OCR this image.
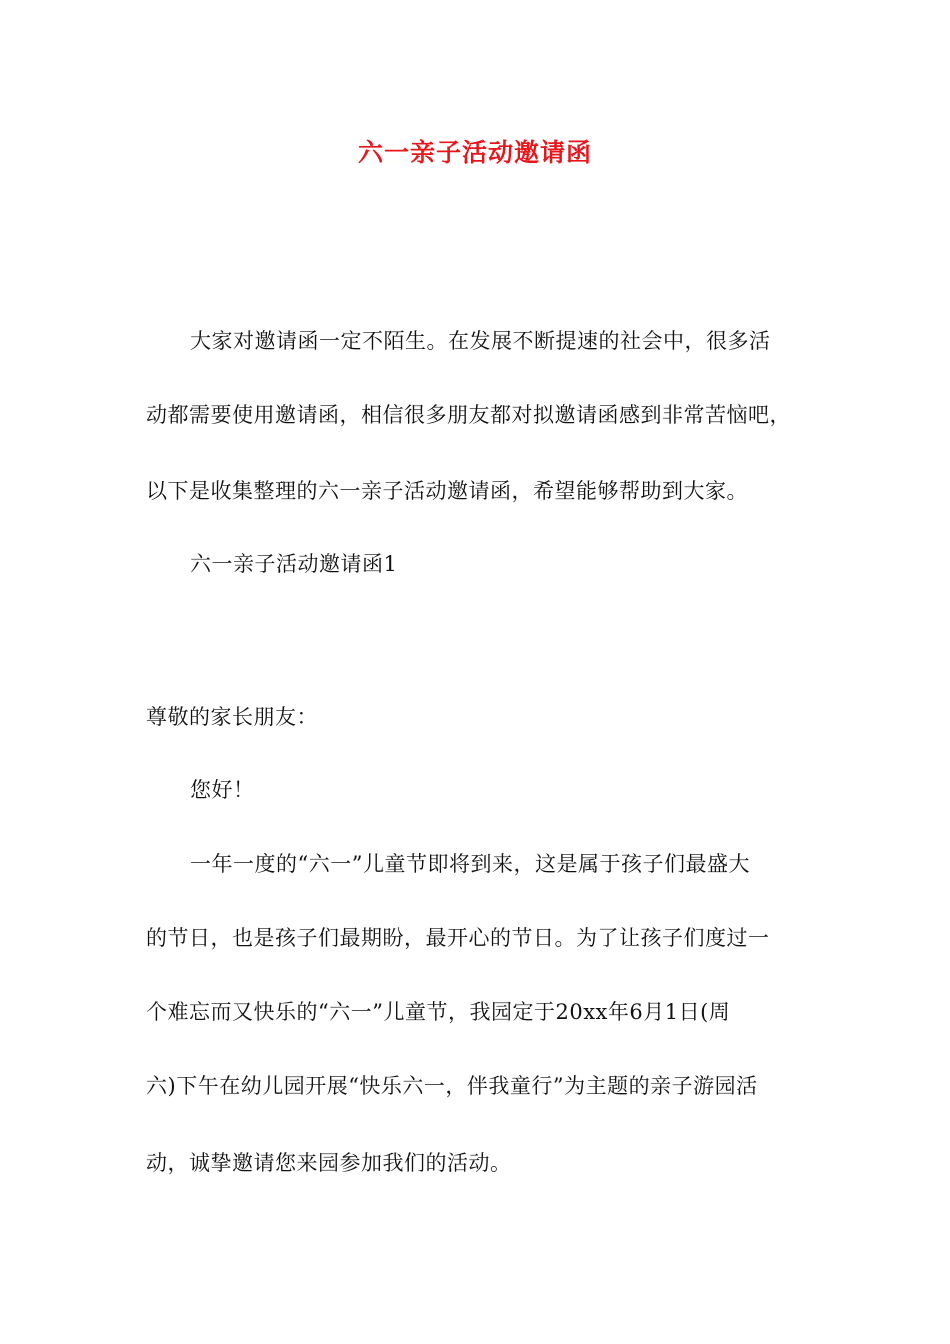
六一亲子活动邀请函

大家对邀请函一定不陌生。在发展不断提速的社会中，很多活

动都需要使用邀请函，相信很多朋友都对拟邀请函感到非常苦恼吧，

以下是收集整理的六一亲子活动邀请函，希望能够帮助到大家。

六一亲子活动邀请函1

尊敬的家长朋友：

您好！

一年一度的“六一”儿童节即将到来，这是属于孩子们最盛大

的节日，也是孩子们最期盼，最开心的节日。为了让孩子们度过一

个难忘而又快乐的“六一”儿童节，我园定于20xx年6月1日(周

六)下午在幼儿园开展“快乐六一，伴我童行”为主题的亲子游园活

动，诚挚邀请您来园参加我们的活动。
